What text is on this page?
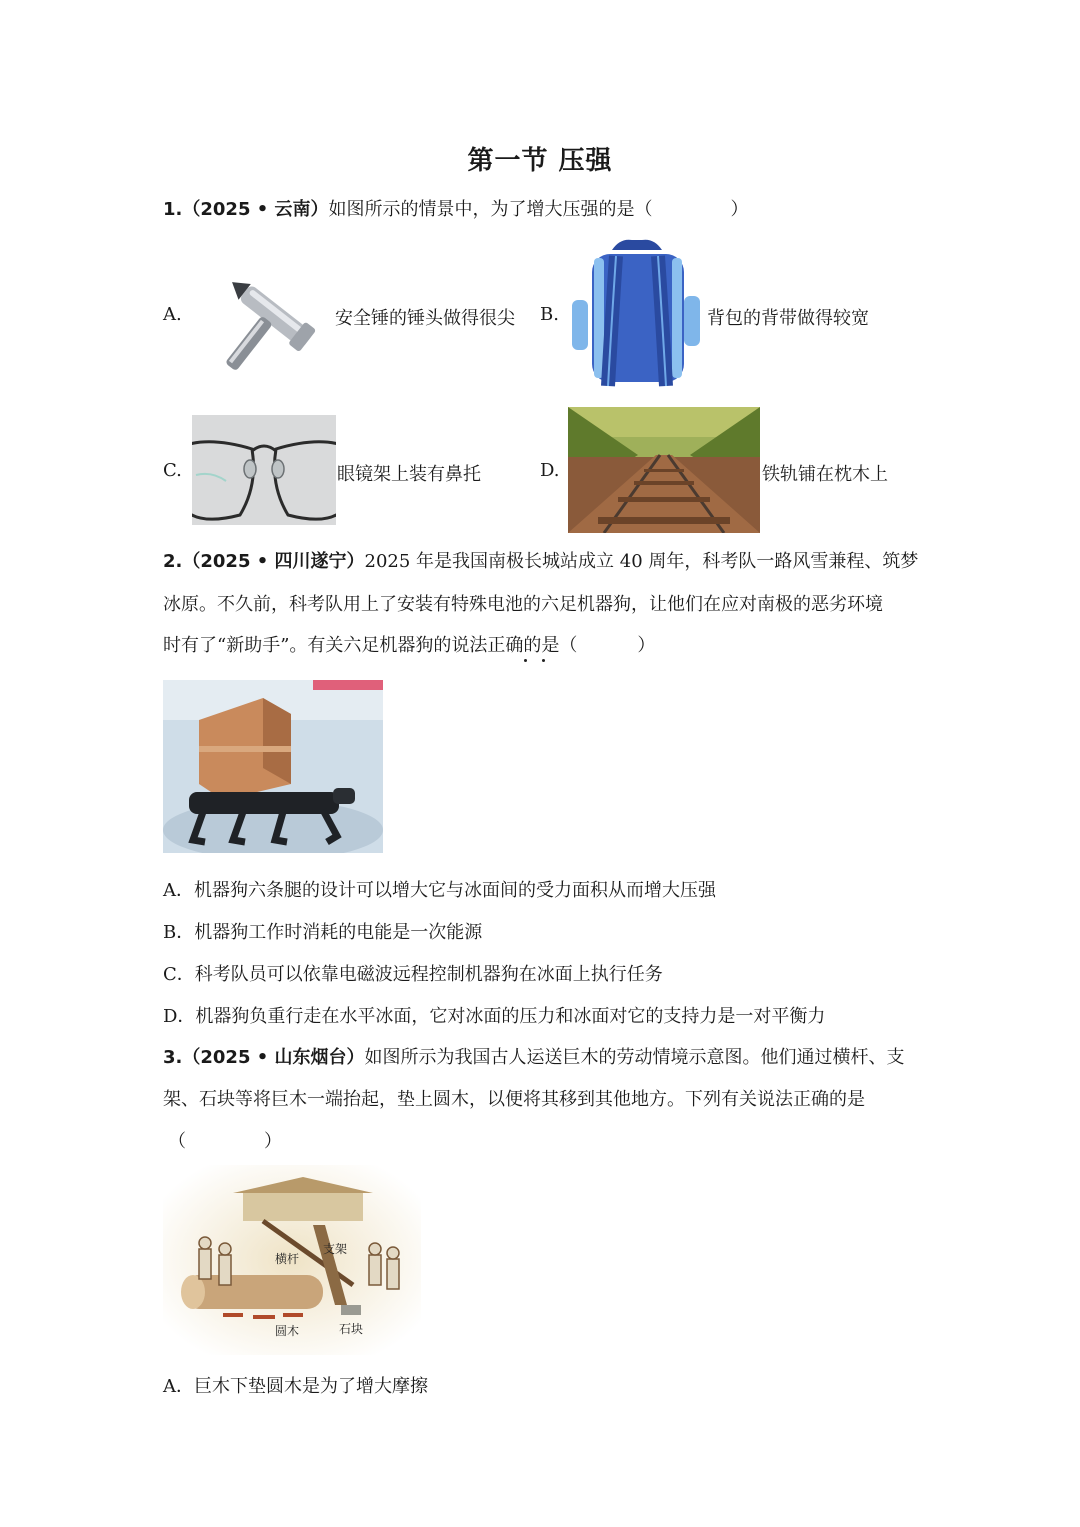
第一节 压强
1.（2025 • 云南）如图所示的情景中，为了增大压强的是（	）
A.	安全锤的锤头做得很尖 B.	背包的背带做得较宽
C.	眼镜架上装有鼻托	D.	铁轨铺在枕木上
2.（2025 • 四川遂宁）2025 年是我国南极长城站成立 40 周年，科考队一路风雪兼程、筑梦
冰原。不久前，科考队用上了安装有特殊电池的六足机器狗，让他们在应对南极的恶劣环境
时有了“新助手”。有关六足机器狗的说法正确的是（	）
A．机器狗六条腿的设计可以增大它与冰面间的受力面积从而增大压强
B．机器狗工作时消耗的电能是一次能源
C．科考队员可以依靠电磁波远程控制机器狗在冰面上执行任务
D．机器狗负重行走在水平冰面，它对冰面的压力和冰面对它的支持力是一对平衡力
3.（2025 • 山东烟台）如图所示为我国古人运送巨木的劳动情境示意图。他们通过横杆、支
架、石块等将巨木一端抬起，垫上圆木，以便将其移到其他地方。下列有关说法正确的是
（	）
横杆
支架
圆木	石块
A．巨木下垫圆木是为了增大摩擦
